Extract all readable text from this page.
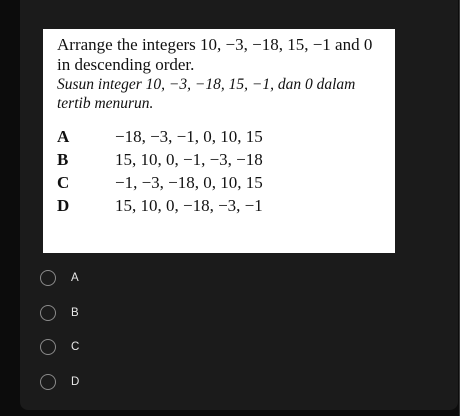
Arrange the integers 10, −3, −18, 15, −1 and 0 in descending order.

Susun integer 10, −3, −18, 15, −1, dan 0 dalam tertib menurun.

A	−18, −3, −1, 0, 10, 15
B	15, 10, 0, −1, −3, −18
C	−1, −3, −18, 0, 10, 15
D	15, 10, 0, −18, −3, −1
A
B
C
D
